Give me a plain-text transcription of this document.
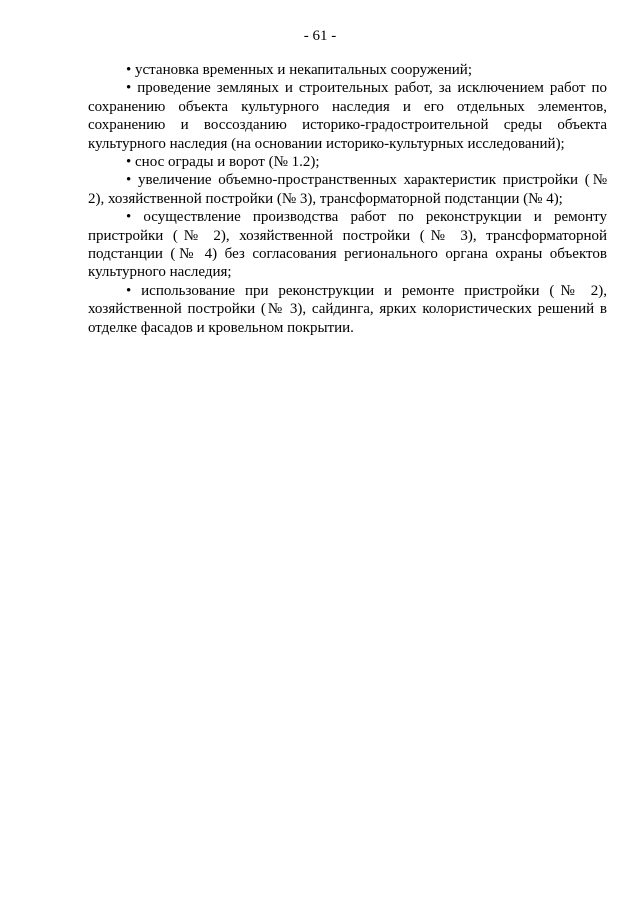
- 61 -

• установка временных и некапитальных сооружений;

• проведение земляных и строительных работ, за исключением работ по сохранению объекта культурного наследия и его отдельных элементов, сохранению и воссозданию историко-градостроительной среды объекта культурного наследия (на основании историко-культурных исследований);

• снос ограды и ворот (№ 1.2);

• увеличение объемно-пространственных характеристик пристройки (№ 2), хозяйственной постройки (№ 3), трансформаторной подстанции (№ 4);

• осуществление производства работ по реконструкции и ремонту пристройки (№ 2), хозяйственной постройки (№ 3), трансформаторной подстанции (№ 4) без согласования регионального органа охраны объектов культурного наследия;

• использование при реконструкции и ремонте пристройки (№ 2), хозяйственной постройки (№ 3), сайдинга, ярких колористических решений в отделке фасадов и кровельном покрытии.
